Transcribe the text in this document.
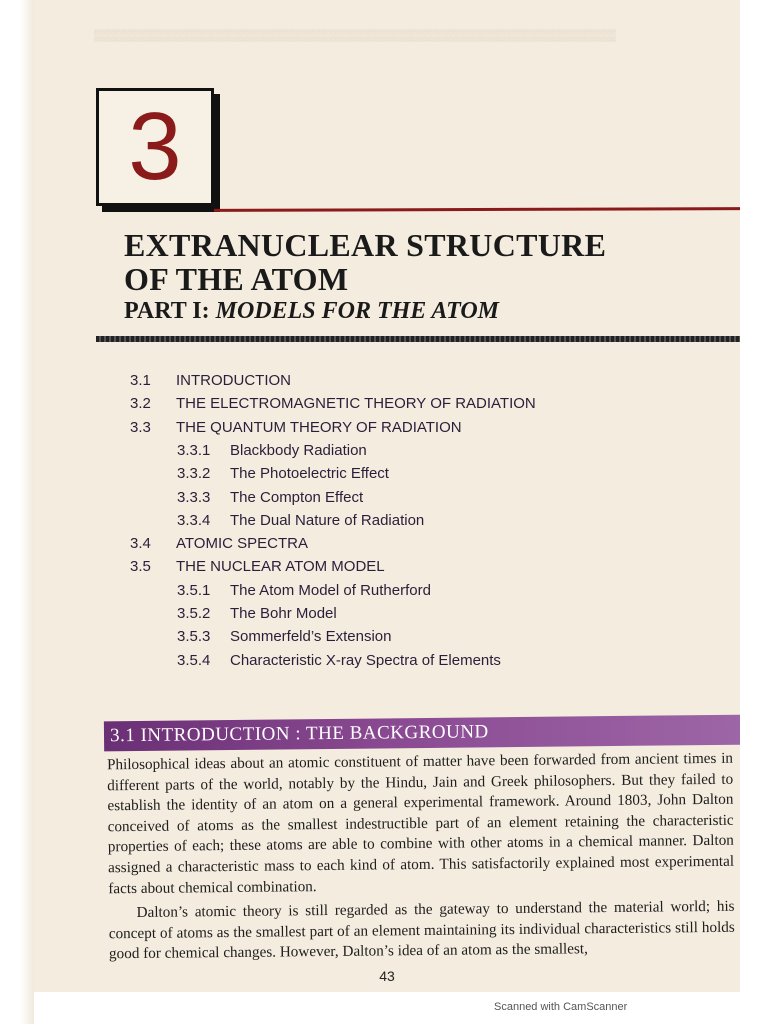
▒▒▒▒▒▒▒▒▒▒▒▒▒▒▒▒▒▒▒▒▒▒▒▒▒▒▒▒▒▒▒▒▒▒▒▒▒▒▒▒▒▒▒▒▒▒▒▒▒▒▒▒▒▒▒▒▒▒▒▒
3
EXTRANUCLEAR STRUCTURE
OF THE ATOM
PART I: MODELS FOR THE ATOM
3.1 INTRODUCTION
3.2 THE ELECTROMAGNETIC THEORY OF RADIATION
3.3 THE QUANTUM THEORY OF RADIATION
3.3.1 Blackbody Radiation
3.3.2 The Photoelectric Effect
3.3.3 The Compton Effect
3.3.4 The Dual Nature of Radiation
3.4 ATOMIC SPECTRA
3.5 THE NUCLEAR ATOM MODEL
3.5.1 The Atom Model of Rutherford
3.5.2 The Bohr Model
3.5.3 Sommerfeld’s Extension
3.5.4 Characteristic X-ray Spectra of Elements
3.1 INTRODUCTION : THE BACKGROUND

Philosophical ideas about an atomic constituent of matter have been forwarded from ancient times in different parts of the world, notably by the Hindu, Jain and Greek philosophers. But they failed to establish the identity of an atom on a general experimental framework. Around 1803, John Dalton conceived of atoms as the smallest indestructible part of an element retaining the characteristic properties of each; these atoms are able to combine with other atoms in a chemical manner. Dalton assigned a characteristic mass to each kind of atom. This satisfactorily explained most experimental facts about chemical combination.

Dalton’s atomic theory is still regarded as the gateway to understand the material world; his concept of atoms as the smallest part of an element maintaining its individual characteristics still holds good for chemical changes. However, Dalton’s idea of an atom as the smallest,

43
Scanned with CamScanner
